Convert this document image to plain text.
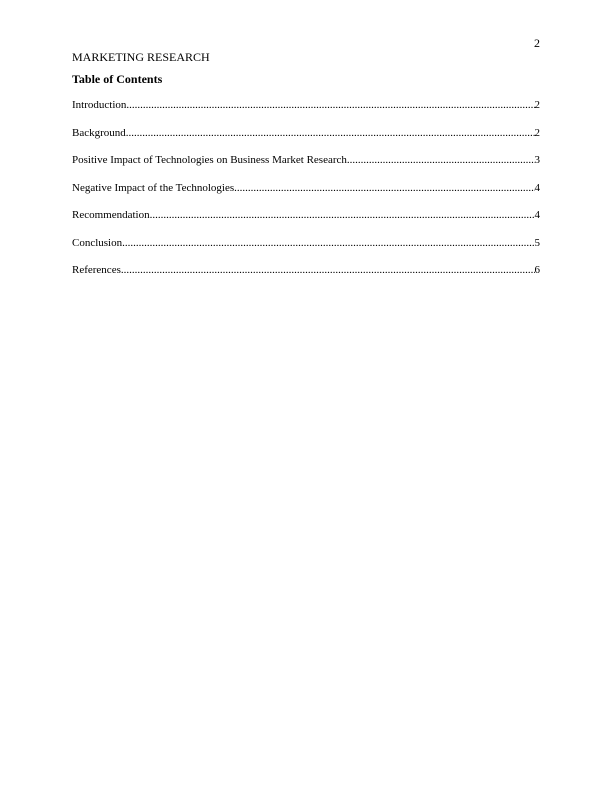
2
MARKETING RESEARCH
Table of Contents
Introduction .....	2
Background .....	2
Positive Impact of Technologies on Business Market Research .....	3
Negative Impact of the Technologies .....	4
Recommendation .....	4
Conclusion .....	5
References .....	6
